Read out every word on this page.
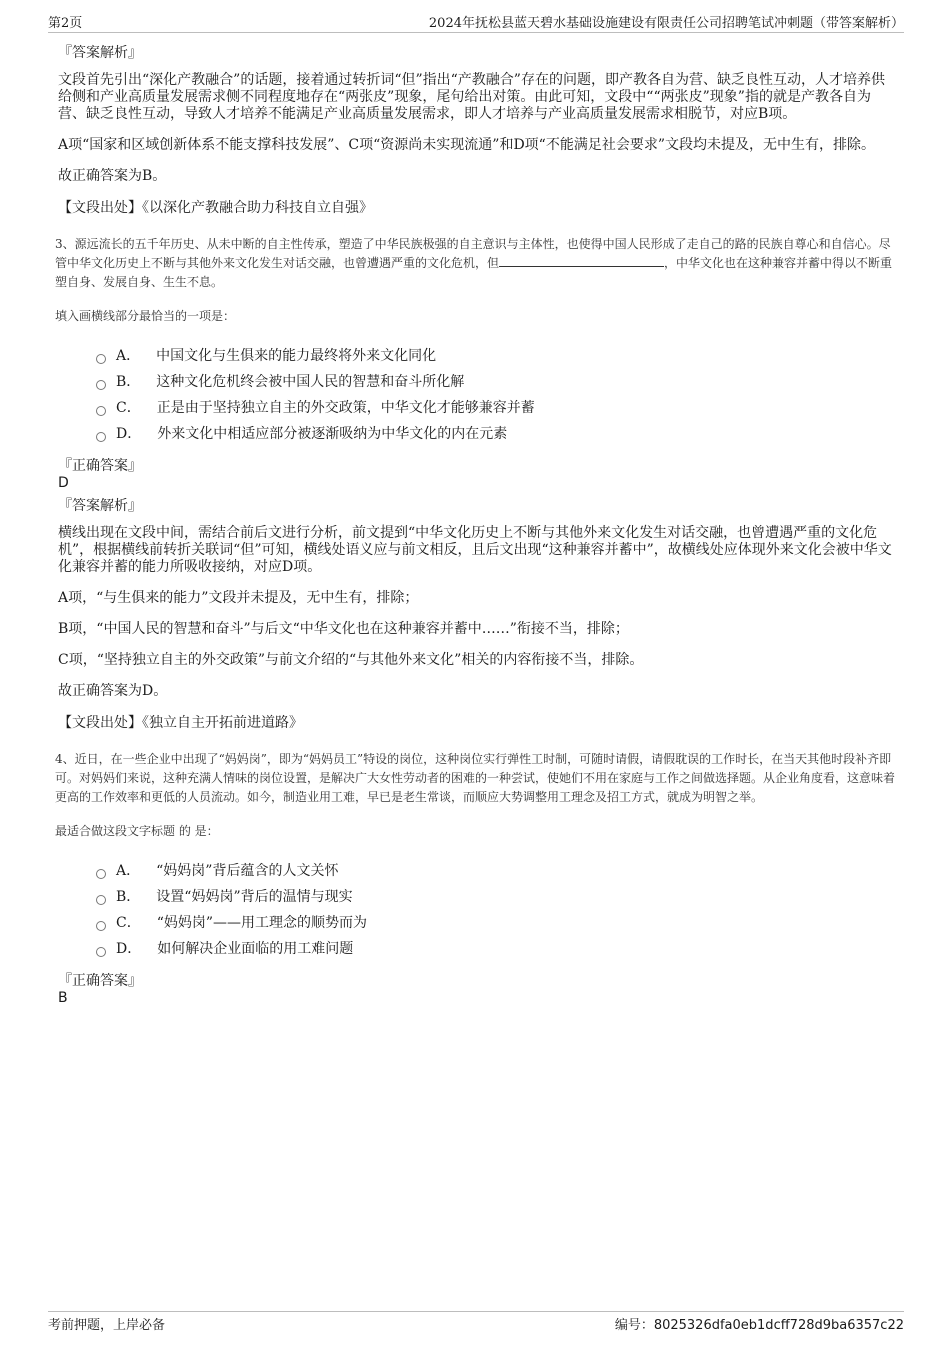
第2页	2024年抚松县蓝天碧水基础设施建设有限责任公司招聘笔试冲刺题（带答案解析）
『答案解析』

文段首先引出“深化产教融合”的话题，接着通过转折词“但”指出“产教融合”存在的问题，即产教各自为营、缺乏良性互动，人才培养供给侧和产业高质量发展需求侧不同程度地存在“两张皮”现象，尾句给出对策。由此可知，文段中““两张皮”现象”指的就是产教各自为营、缺乏良性互动，导致人才培养不能满足产业高质量发展需求，即人才培养与产业高质量发展需求相脱节，对应B项。

A项“国家和区域创新体系不能支撑科技发展”、C项“资源尚未实现流通”和D项“不能满足社会要求”文段均未提及，无中生有，排除。

故正确答案为B。

【文段出处】《以深化产教融合助力科技自立自强》

3、源远流长的五千年历史、从未中断的自主性传承，塑造了中华民族极强的自主意识与主体性，也使得中国人民形成了走自己的路的民族自尊心和自信心。尽管中华文化历史上不断与其他外来文化发生对话交融，也曾遭遇严重的文化危机，但	，中华文化也在这种兼容并蓄中得以不断重塑自身、发展自身、生生不息。

填入画横线部分最恰当的一项是：

A． 中国文化与生俱来的能力最终将外来文化同化
B． 这种文化危机终会被中国人民的智慧和奋斗所化解
C． 正是由于坚持独立自主的外交政策，中华文化才能够兼容并蓄
D． 外来文化中相适应部分被逐渐吸纳为中华文化的内在元素
『正确答案』
D
『答案解析』

横线出现在文段中间，需结合前后文进行分析，前文提到“中华文化历史上不断与其他外来文化发生对话交融，也曾遭遇严重的文化危机”，根据横线前转折关联词“但”可知，横线处语义应与前文相反，且后文出现“这种兼容并蓄中”，故横线处应体现外来文化会被中华文化兼容并蓄的能力所吸收接纳，对应D项。

A项，“与生俱来的能力”文段并未提及，无中生有，排除；

B项，“中国人民的智慧和奋斗”与后文“中华文化也在这种兼容并蓄中……”衔接不当，排除；

C项，“坚持独立自主的外交政策”与前文介绍的“与其他外来文化”相关的内容衔接不当，排除。

故正确答案为D。

【文段出处】《独立自主开拓前进道路》

4、近日，在一些企业中出现了“妈妈岗”，即为“妈妈员工”特设的岗位，这种岗位实行弹性工时制，可随时请假，请假耽误的工作时长，在当天其他时段补齐即可。对妈妈们来说，这种充满人情味的岗位设置，是解决广大女性劳动者的困难的一种尝试，使她们不用在家庭与工作之间做选择题。从企业角度看，这意味着更高的工作效率和更低的人员流动。如今，制造业用工难，早已是老生常谈，而顺应大势调整用工理念及招工方式，就成为明智之举。

最适合做这段文字标题 的 是：

A． “妈妈岗”背后蕴含的人文关怀
B． 设置“妈妈岗”背后的温情与现实
C． “妈妈岗”——用工理念的顺势而为
D． 如何解决企业面临的用工难问题
『正确答案』
B
考前押题，上岸必备	编号：8025326dfa0eb1dcff728d9ba6357c22
